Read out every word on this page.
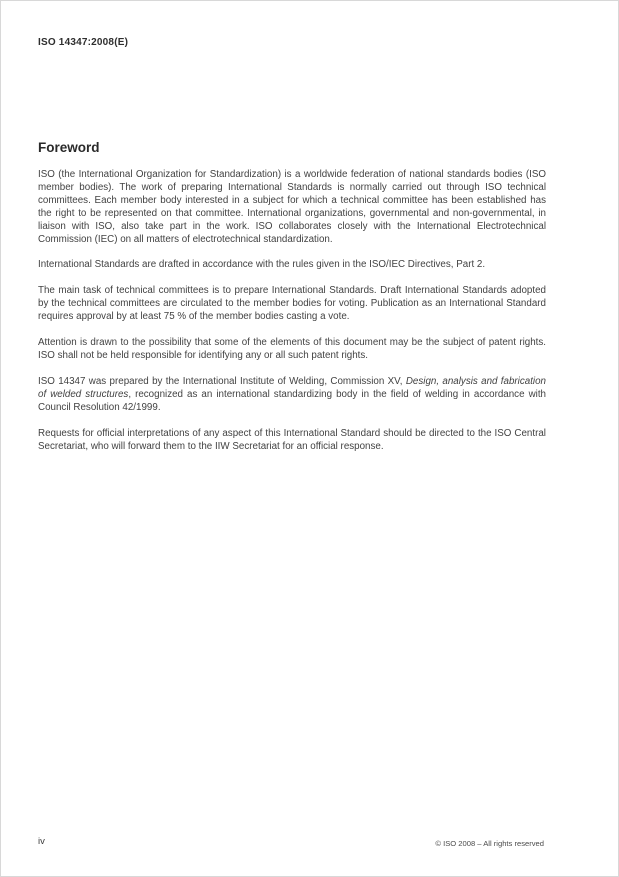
ISO 14347:2008(E)
Foreword

ISO (the International Organization for Standardization) is a worldwide federation of national standards bodies (ISO member bodies). The work of preparing International Standards is normally carried out through ISO technical committees. Each member body interested in a subject for which a technical committee has been established has the right to be represented on that committee. International organizations, governmental and non-governmental, in liaison with ISO, also take part in the work. ISO collaborates closely with the International Electrotechnical Commission (IEC) on all matters of electrotechnical standardization.

International Standards are drafted in accordance with the rules given in the ISO/IEC Directives, Part 2.

The main task of technical committees is to prepare International Standards. Draft International Standards adopted by the technical committees are circulated to the member bodies for voting. Publication as an International Standard requires approval by at least 75 % of the member bodies casting a vote.

Attention is drawn to the possibility that some of the elements of this document may be the subject of patent rights. ISO shall not be held responsible for identifying any or all such patent rights.

ISO 14347 was prepared by the International Institute of Welding, Commission XV, Design, analysis and fabrication of welded structures, recognized as an international standardizing body in the field of welding in accordance with Council Resolution 42/1999.

Requests for official interpretations of any aspect of this International Standard should be directed to the ISO Central Secretariat, who will forward them to the IIW Secretariat for an official response.

iv	© ISO 2008 – All rights reserved
